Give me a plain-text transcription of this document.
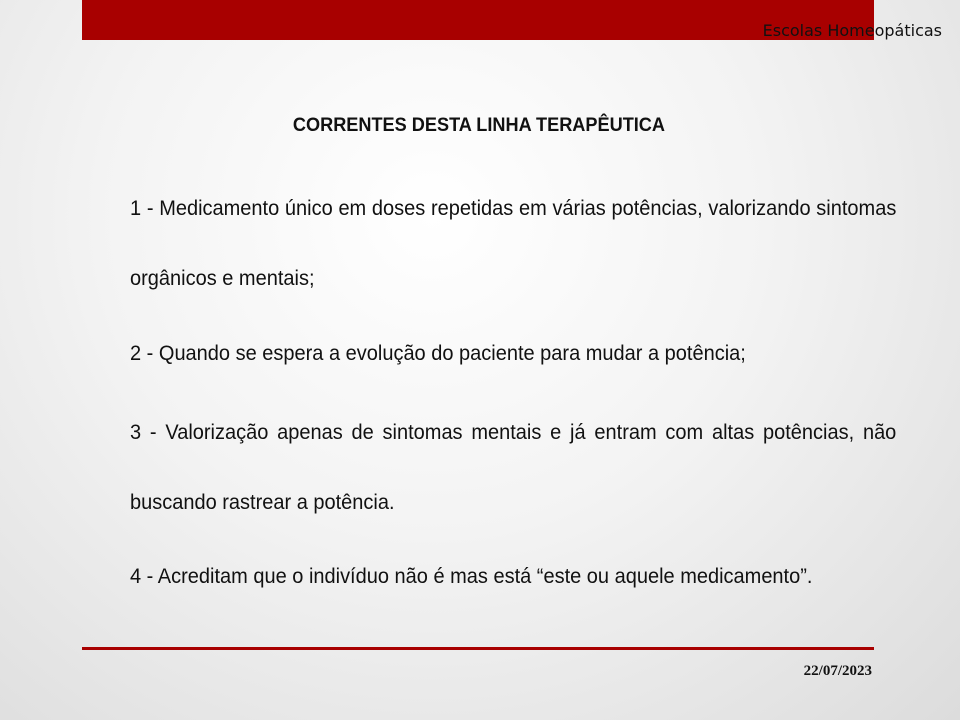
Escolas Homeopáticas
CORRENTES DESTA LINHA TERAPÊUTICA

1 - Medicamento único em doses repetidas em várias potências, valorizando sintomas orgânicos e mentais;

2 - Quando se espera a evolução do paciente para mudar a potência;

3 - Valorização apenas de sintomas mentais e já entram com altas potências, não buscando rastrear a potência.

4 - Acreditam que o indivíduo não é mas está “este ou aquele medicamento”.

22/07/2023
